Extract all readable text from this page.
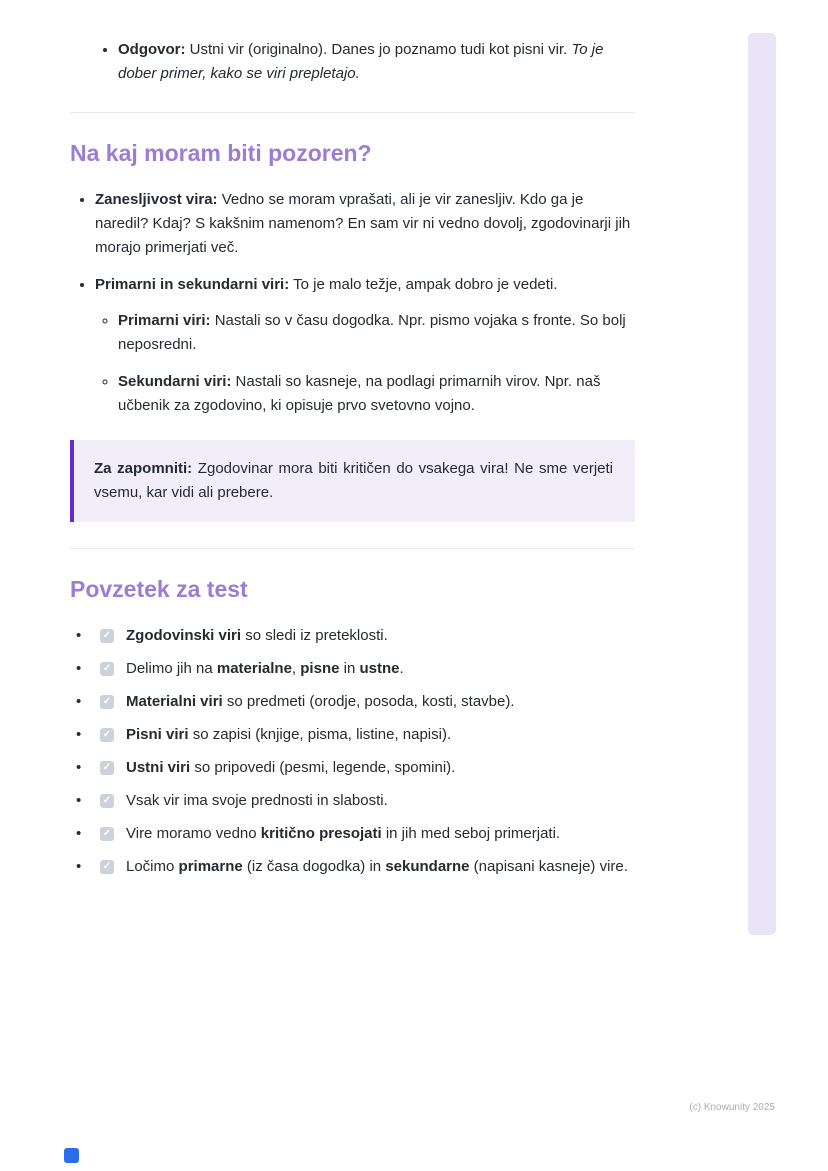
• Odgovor: Ustni vir (originalno). Danes jo poznamo tudi kot pisni vir. To je dober primer, kako se viri prepletajo.
Na kaj moram biti pozoren?
• Zanesljivost vira: Vedno se moram vprašati, ali je vir zanesljiv. Kdo ga je naredil? Kdaj? S kakšnim namenom? En sam vir ni vedno dovolj, zgodovinarji jih morajo primerjati več.
• Primarni in sekundarni viri: To je malo težje, ampak dobro je vedeti.
◦ Primarni viri: Nastali so v času dogodka. Npr. pismo vojaka s fronte. So bolj neposredni.
◦ Sekundarni viri: Nastali so kasneje, na podlagi primarnih virov. Npr. naš učbenik za zgodovino, ki opisuje prvo svetovno vojno.
Za zapomniti: Zgodovinar mora biti kritičen do vsakega vira! Ne sme verjeti vsemu, kar vidi ali prebere.
Povzetek za test
•	✓ Zgodovinski viri so sledi iz preteklosti.
•	✓ Delimo jih na materialne, pisne in ustne.
•	✓ Materialni viri so predmeti (orodje, posoda, kosti, stavbe).
•	✓ Pisni viri so zapisi (knjige, pisma, listine, napisi).
•	✓ Ustni viri so pripovedi (pesmi, legende, spomini).
•	✓ Vsak vir ima svoje prednosti in slabosti.
•	✓ Vire moramo vedno kritično presojati in jih med seboj primerjati.
•	✓ Ločimo primarne (iz časa dogodka) in sekundarne (napisani kasneje) vire.
(c) Knowunity 2025
